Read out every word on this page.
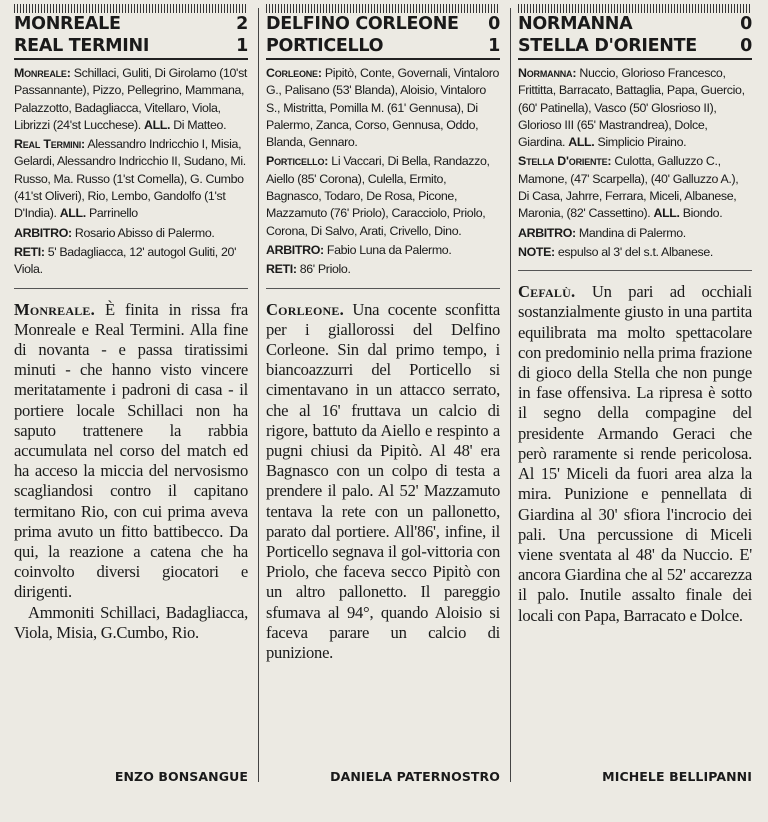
MONREALE	2
REAL TERMINI	1

Monreale: Schillaci, Guliti, Di Girolamo (10'st Passannante), Pizzo, Pellegrino, Mammana, Palazzotto, Badagliacca, Vitellaro, Viola, Librizzi (24'st Lucchese). ALL. Di Matteo.

Real Termini: Alessandro Indricchio I, Misia, Gelardi, Alessandro Indricchio II, Sudano, Mi. Russo, Ma. Russo (1'st Comella), G. Cumbo (41'st Oliveri), Rio, Lembo, Gandolfo (1'st D'India). ALL. Parrinello

ARBITRO: Rosario Abisso di Palermo.

RETI: 5' Badagliacca, 12' autogol Guliti, 20' Viola.

Monreale. È finita in rissa fra Monreale e Real Termini. Alla fine di novanta - e passa tiratissimi minuti - che hanno visto vincere meritatamente i padroni di casa - il portiere locale Schillaci non ha saputo trattenere la rabbia accumulata nel corso del match ed ha acceso la miccia del nervosismo scagliandosi contro il capitano termitano Rio, con cui prima aveva prima avuto un fitto battibecco. Da qui, la reazione a catena che ha coinvolto diversi giocatori e dirigenti.

Ammoniti Schillaci, Badagliacca, Viola, Misia, G.Cumbo, Rio.

ENZO BONSANGUE
DELFINO CORLEONE 0
PORTICELLO	1

Corleone: Pipitò, Conte, Governali, Vintaloro G., Palisano (53' Blanda), Aloisio, Vintaloro S., Mistritta, Pomilla M. (61' Gennusa), Di Palermo, Zanca, Corso, Gennusa, Oddo, Blanda, Gennaro.

Porticello: Li Vaccari, Di Bella, Randazzo, Aiello (85' Corona), Culella, Ermito, Bagnasco, Todaro, De Rosa, Picone, Mazzamuto (76' Priolo), Caracciolo, Priolo, Corona, Di Salvo, Arati, Crivello, Dino.

ARBITRO: Fabio Luna da Palermo.

RETI: 86' Priolo.

Corleone. Una cocente sconfitta per i giallorossi del Delfino Corleone. Sin dal primo tempo, i biancoazzurri del Porticello si cimentavano in un attacco serrato, che al 16' fruttava un calcio di rigore, battuto da Aiello e respinto a pugni chiusi da Pipitò. Al 48' era Bagnasco con un colpo di testa a prendere il palo. Al 52' Mazzamuto tentava la rete con un pallonetto, parato dal portiere. All'86', infine, il Porticello segnava il gol-vittoria con Priolo, che faceva secco Pipitò con un altro pallonetto. Il pareggio sfumava al 94°, quando Aloisio si faceva parare un calcio di punizione.

DANIELA PATERNOSTRO
NORMANNA	0
STELLA D'ORIENTE 0

Normanna: Nuccio, Glorioso Francesco, Frittitta, Barracato, Battaglia, Papa, Guercio, (60' Patinella), Vasco (50' Glosrioso II), Glorioso III (65' Mastrandrea), Dolce, Giardina. ALL. Simplicio Piraino.

Stella D'oriente: Culotta, Galluzzo C., Mamone, (47' Scarpella), (40' Galluzzo A.), Di Casa, Jahrre, Ferrara, Miceli, Albanese, Maronia, (82' Cassettino). ALL. Biondo.

ARBITRO: Mandina di Palermo.

NOTE: espulso al 3' del s.t. Albanese.

Cefalù. Un pari ad occhiali sostanzialmente giusto in una partita equilibrata ma molto spettacolare con predominio nella prima frazione di gioco della Stella che non punge in fase offensiva. La ripresa è sotto il segno della compagine del presidente Armando Geraci che però raramente si rende pericolosa. Al 15' Miceli da fuori area alza la mira. Punizione e pennellata di Giardina al 30' sfiora l'incrocio dei pali. Una percussione di Miceli viene sventata al 48' da Nuccio. E' ancora Giardina che al 52' accarezza il palo. Inutile assalto finale dei locali con Papa, Barracato e Dolce.

MICHELE BELLIPANNI
